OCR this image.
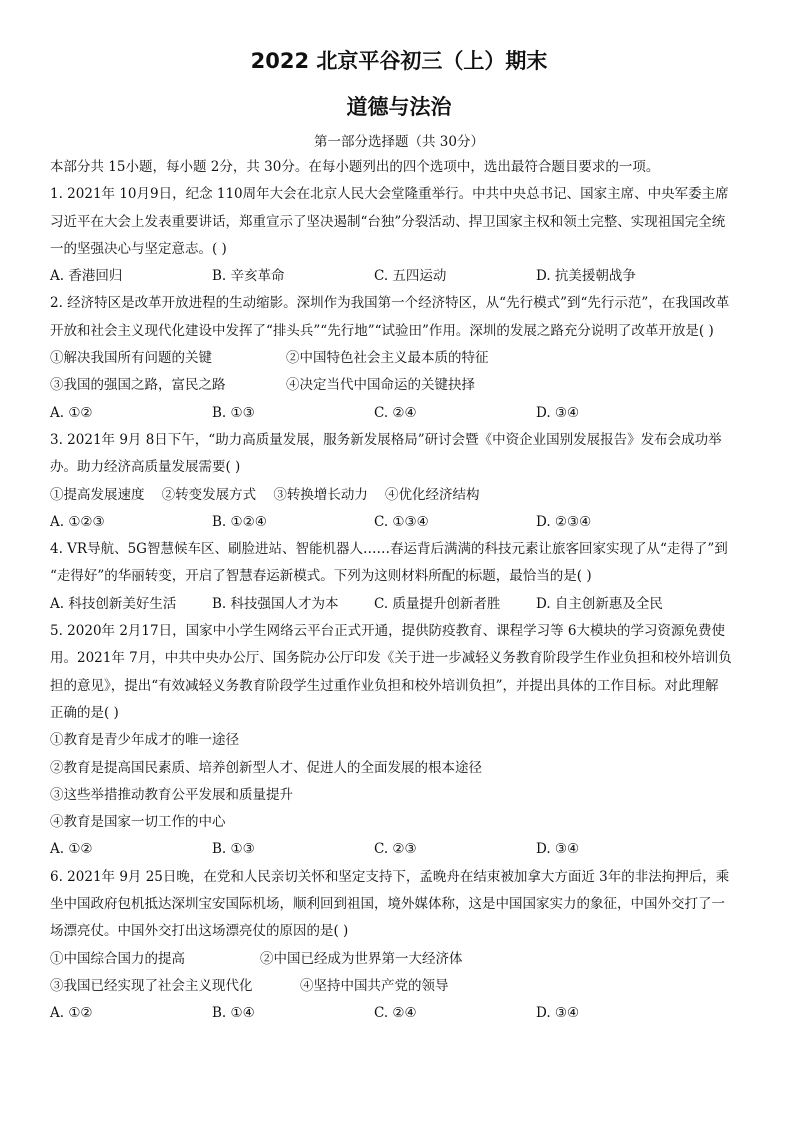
2022 北京平谷初三（上）期末
道德与法治
第一部分选择题（共 30分）
本部分共 15小题，每小题 2分，共 30分。在每小题列出的四个选项中，选出最符合题目要求的一项。
1. 2021年 10月9日，纪念 110周年大会在北京人民大会堂隆重举行。中共中央总书记、国家主席、中央军委主席
习近平在大会上发表重要讲话，郑重宣示了坚决遏制“台独”分裂活动、捍卫国家主权和领土完整、实现祖国完全统
一的坚强决心与坚定意志。( )
A. 香港回归	B. 辛亥革命	C. 五四运动	D. 抗美援朝战争
2. 经济特区是改革开放进程的生动缩影。深圳作为我国第一个经济特区，从“先行模式”到“先行示范”，在我国改革
开放和社会主义现代化建设中发挥了“排头兵”“先行地”“试验田”作用。深圳的发展之路充分说明了改革开放是( )
①解决我国所有问题的关键	②中国特色社会主义最本质的特征
③我国的强国之路，富民之路	④决定当代中国命运的关键抉择
A. ①②	B. ①③	C. ②④	D. ③④
3. 2021年 9月 8日下午，“助力高质量发展，服务新发展格局”研讨会暨《中资企业国别发展报告》发布会成功举
办。助力经济高质量发展需要( )
①提高发展速度    ②转变发展方式    ③转换增长动力    ④优化经济结构
A. ①②③	B. ①②④	C. ①③④	D. ②③④
4. VR导航、5G智慧候车区、刷脸进站、智能机器人……春运背后满满的科技元素让旅客回家实现了从“走得了”到
“走得好”的华丽转变，开启了智慧春运新模式。下列为这则材料所配的标题，最恰当的是( )
A. 科技创新美好生活	B. 科技强国人才为本	C. 质量提升创新者胜	D. 自主创新惠及全民
5. 2020年 2月17日，国家中小学生网络云平台正式开通，提供防疫教育、课程学习等 6大模块的学习资源免费使
用。2021年 7月，中共中央办公厅、国务院办公厅印发《关于进一步减轻义务教育阶段学生作业负担和校外培训负
担的意见》，提出“有效减轻义务教育阶段学生过重作业负担和校外培训负担”，并提出具体的工作目标。对此理解
正确的是( )
①教育是青少年成才的唯一途径
②教育是提高国民素质、培养创新型人才、促进人的全面发展的根本途径
③这些举措推动教育公平发展和质量提升
④教育是国家一切工作的中心
A. ①②	B. ①③	C. ②③	D. ③④
6. 2021年 9月 25日晚，在党和人民亲切关怀和坚定支持下，孟晚舟在结束被加拿大方面近 3年的非法拘押后，乘
坐中国政府包机抵达深圳宝安国际机场，顺利回到祖国，境外媒体称，这是中国国家实力的象征，中国外交打了一
场漂亮仗。中国外交打出这场漂亮仗的原因的是( )
①中国综合国力的提高	②中国已经成为世界第一大经济体
③我国已经实现了社会主义现代化	④坚持中国共产党的领导
A. ①②	B. ①④	C. ②④	D. ③④
